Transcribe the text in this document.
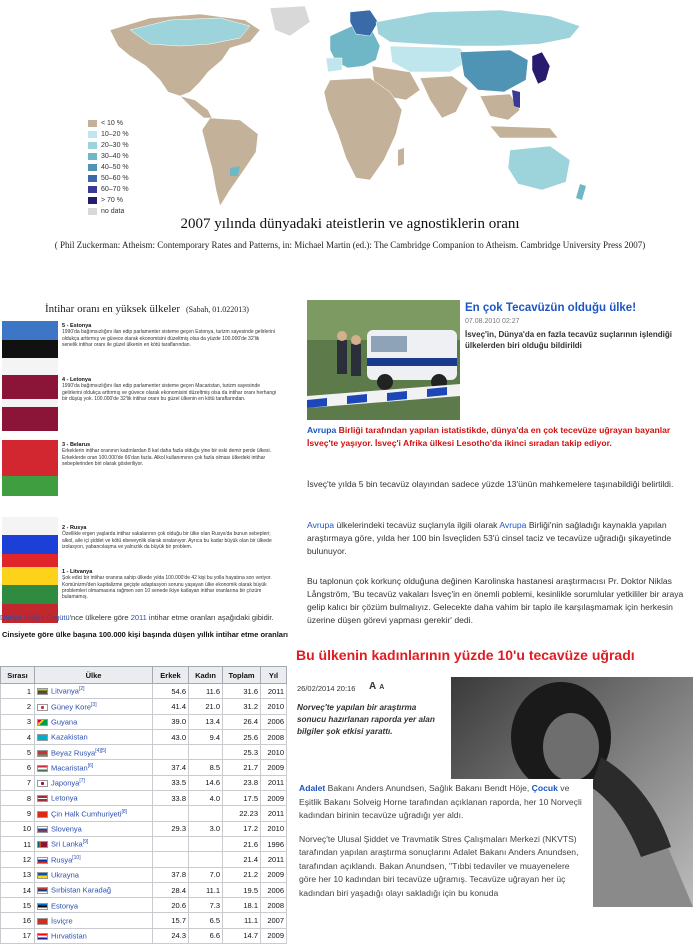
< 10 %
10–20 %
20–30 %
30–40 %
40–50 %
50–60 %
60–70 %
> 70 %
no data
2007 yılında dünyadaki ateistlerin ve agnostiklerin oranı
( Phil Zuckerman: Atheism: Contemporary Rates and Patterns, in: Michael Martin (ed.): The Cambridge Companion to Atheism. Cambridge University Press 2007)
İntihar oranı en yüksek ülkeler (Sabah, 01.022013)
5 - Estonya
1990'da bağımsızlığını ilan edip parlamenter sisteme geçen Estonya, turizm sayesinde gelirlerini oldukça arttırmış ve güvece olarak ekonomisini düzeltmiş olsa da yüzde 100.000'de 32'lik senelik intihar oranı ile güzel ülkenin en kötü taraflarından.
4 - Letonya
1990'da bağımsızlığını ilan edip parlamenter sisteme geçen Macaristan, turizm sayesinde gelirlerini oldukça arttırmış ve güvece olarak ekonomisini düzeltmiş olsa da intihar oranı herhangi bir düşüş yok. 100.000'de 32'lik intihar oranı bu güzel ülkenin en kötü taraflarından.
3 - Belarus
Erkeklerin intihar oranının kadınlardan 8 kat daha fazla olduğu yine bir eski demir perde ülkesi. Erkeklerde oran 100.000'de 66'dan fazla. Alkol kullanımının çok fazla olması ülkedeki intihar sebeplerinden biri olarak gösteriliyor.
2 - Rusya
Özellikle ergen yaşlarda intihar vakalarının çok olduğu bir ülke olan Rusya'da bunun sebepleri; alkol, aile içi şiddet ve kötü ebeveynlik olarak sıralanıyor. Ayrıca bu kadar büyük olan bir ülkede izolasyon, yabancılaşma ve yalnızlık da büyük bir problem.
1 - Litvanya
Şok edici bir intihar oranına sahip ülkede yılda 100.000'de 42 kişi bu yolla hayatına son veriyor. Komünizmi'den kapitalizme geçişte adaptasyon sorunu yaşayan ülke ekonomik olarak büyük problemleri olmamasına rağmen son 10 senede ikiye katlayan intihar oranlarına bir çözüm bulamamış.
Dünya Sağlık Örgütü'nce ülkelere göre 2011 intihar etme oranları aşağıdaki gibidir.
Cinsiyete göre ülke başına 100.000 kişi başında düşen yıllık intihar etme oranları
Sırası	Ülke	Erkek	Kadın	Toplam	Yıl
1	Litvanya[2]	54.6	11.6	31.6	2011
2	Güney Kore[3]	41.4	21.0	31.2	2010
3	Guyana	39.0	13.4	26.4	2006
4	Kazakistan	43.0	9.4	25.6	2008
5	Beyaz Rusya[4][5]			25.3	2010
6	Macaristan[6]	37.4	8.5	21.7	2009
7	Japonya[7]	33.5	14.6	23.8	2011
8	Letonya	33.8	4.0	17.5	2009
9	Çin Halk Cumhuriyeti[8]			22.23	2011
10	Slovenya	29.3	3.0	17.2	2010
11	Sri Lanka[9]			21.6	1996
12	Rusya[10]			21.4	2011
13	Ukrayna	37.8	7.0	21.2	2009
14	Sırbistan Karadağ	28.4	11.1	19.5	2006
15	Estonya	20.6	7.3	18.1	2008
16	İsviçre	15.7	6.5	11.1	2007
17	Hırvatistan	24.3	6.6	14.7	2009
En çok Tecavüzün olduğu ülke!
07.08.2010 02:27
İsveç'in, Dünya'da en fazla tecavüz suçlarının işlendiği ülkelerden biri olduğu bildirildi
Avrupa Birliği tarafından yapılan istatistikde, dünya'da en çok tecevüze uğrayan bayanlar İsveç'te yaşıyor. İsveç'i Afrika ülkesi Lesotho'da ikinci sıradan takip ediyor.
İsveç'te yılda 5 bin tecavüz olayından sadece yüzde 13'ünün mahkemelere taşınabildiği belirtildi.
Avrupa ülkelerindeki tecavüz suçlarıyla ilgili olarak Avrupa Birliği'nin sağladığı kaynakla yapılan araştırmaya göre, yılda her 100 bin İsveçliden 53'ü cinsel taciz ve tecavüze uğradığı şikayetinde bulunuyor.
Bu taplonun çok korkunç olduğuna değinen Karolinska hastanesi araştırmacısı Pr. Doktor Niklas Långström, 'Bu tecavüz vakaları İsveç'in en önemli poblemi, kesinlikle sorumlular yetkililer bir araya gelip kalıcı bir çözüm bulmalıyız. Gelecekte daha vahim bir taplo ile karşılaşmamak için herkesin üzerine düşen görevi yapması gerekir' dedi.
Bu ülkenin kadınlarının yüzde 10'u tecavüze uğradı
26/02/2014 20:16 A A
Norveç'te yapılan bir araştırma sonucu hazırlanan raporda yer alan bilgiler şok etkisi yarattı.

Adalet Bakanı Anders Anundsen, Sağlık Bakanı Bendt Höje, Çocuk ve Eşitlik Bakanı Solveig Horne tarafından açıklanan raporda, her 10 Norveçli kadından birinin tecavüze uğradığı yer aldı.

Norveç'te Ulusal Şiddet ve Travmatik Stres Çalışmaları Merkezi (NKVTS) tarafından yapılan araştırma sonuçlarını Adalet Bakanı Anders Anundsen, tarafından açıklandı. Bakan Anundsen, "Tıbbi tedaviler ve muayenelere göre her 10 kadından biri tecavüze uğramış. Tecavüze uğrayan her üç kadından biri yaşadığı olayı sakladığı için bu konuda
